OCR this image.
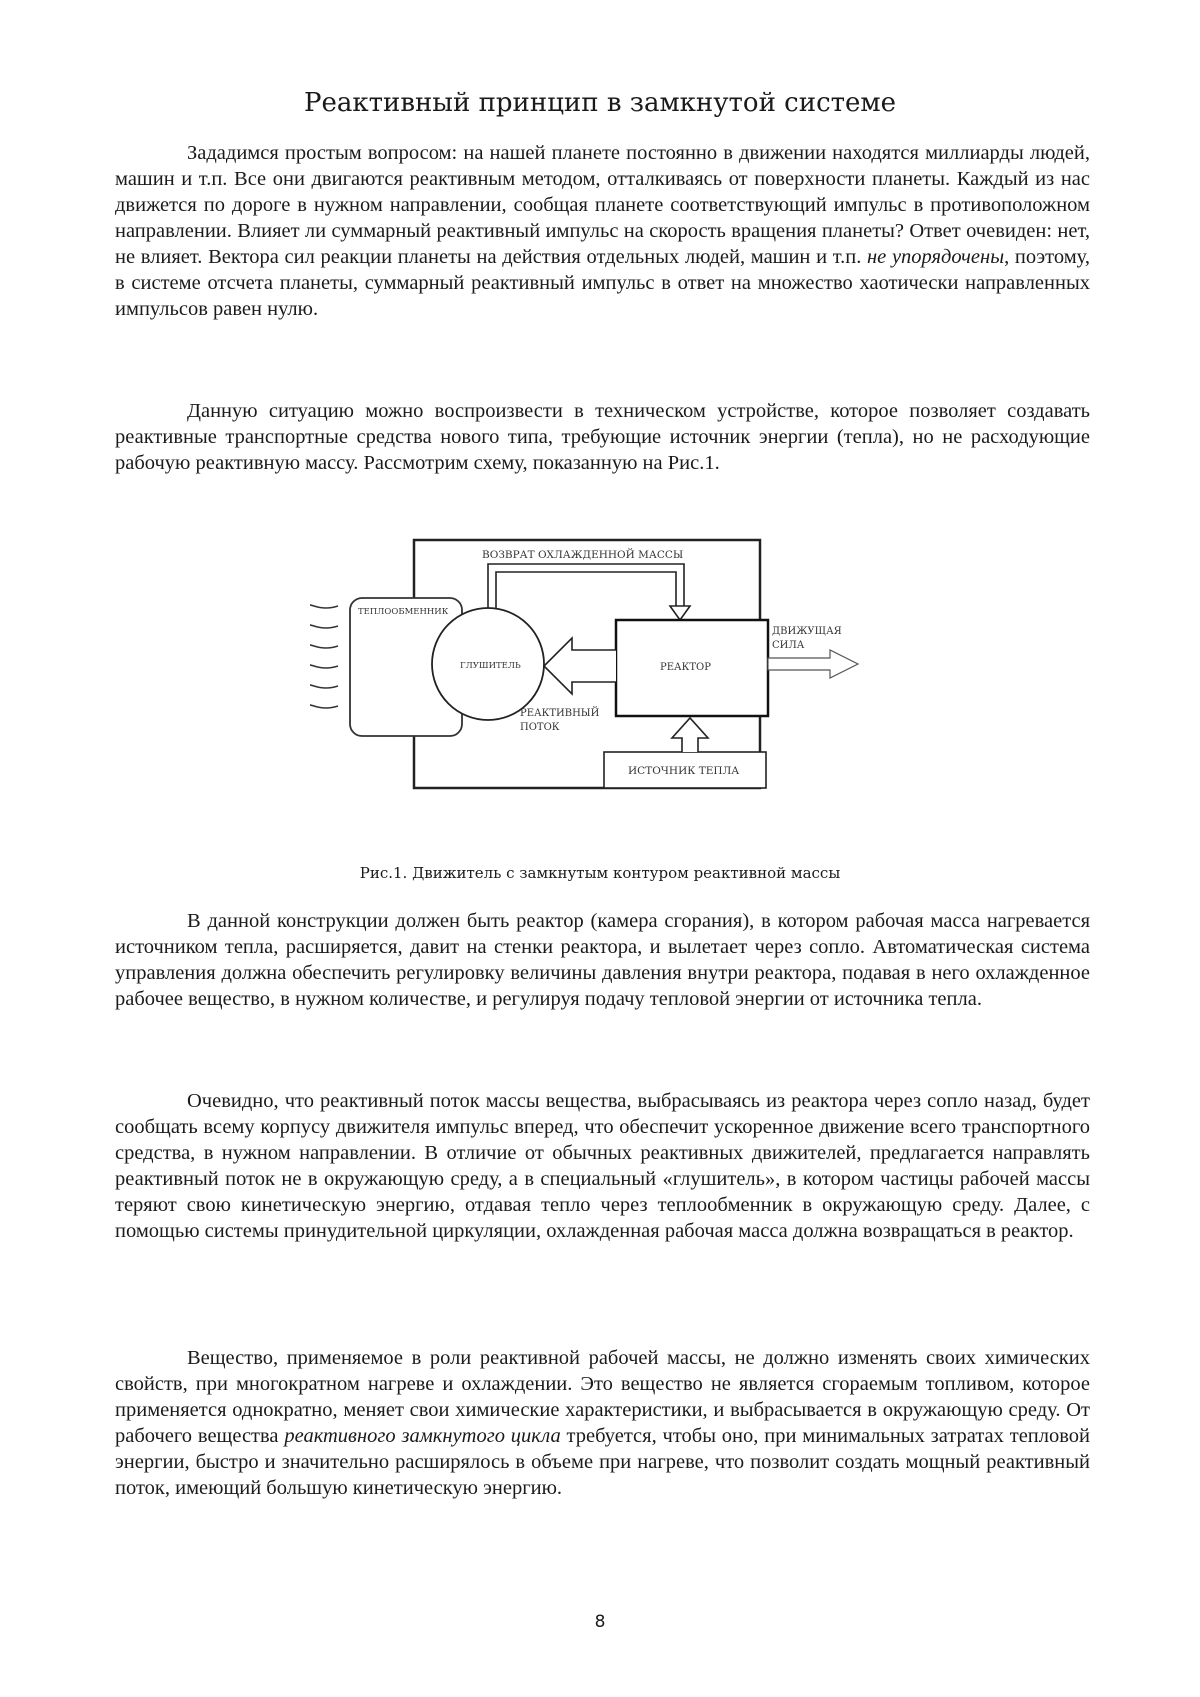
Реактивный принцип в замкнутой системе

Зададимся простым вопросом: на нашей планете постоянно в движении находятся миллиарды людей, машин и т.п. Все они двигаются реактивным методом, отталкиваясь от поверхности планеты. Каждый из нас движется по дороге в нужном направлении, сообщая планете соответствующий импульс в противоположном направлении. Влияет ли суммарный реактивный импульс на скорость вращения планеты? Ответ очевиден: нет, не влияет. Вектора сил реакции планеты на действия отдельных людей, машин и т.п. не упорядочены, поэтому, в системе отсчета планеты, суммарный реактивный импульс в ответ на множество хаотически направленных импульсов равен нулю.

Данную ситуацию можно воспроизвести в техническом устройстве, которое позволяет создавать реактивные транспортные средства нового типа, требующие источник энергии (тепла), но не расходующие рабочую реактивную массу. Рассмотрим схему, показанную на Рис.1.

ТЕПЛООБМЕННИК
ГЛУШИТЕЛЬ
ВОЗВРАТ ОХЛАЖДЕННОЙ МАССЫ
РЕАКТОР
РЕАКТИВНЫЙ
ПОТОК
ДВИЖУЩАЯ
СИЛА
ИСТОЧНИК ТЕПЛА

Рис.1. Движитель с замкнутым контуром реактивной массы

В данной конструкции должен быть реактор (камера сгорания), в котором рабочая масса нагревается источником тепла, расширяется, давит на стенки реактора, и вылетает через сопло. Автоматическая система управления должна обеспечить регулировку величины давления внутри реактора, подавая в него охлажденное рабочее вещество, в нужном количестве, и регулируя подачу тепловой энергии от источника тепла.

Очевидно, что реактивный поток массы вещества, выбрасываясь из реактора через сопло назад, будет сообщать всему корпусу движителя импульс вперед, что обеспечит ускоренное движение всего транспортного средства, в нужном направлении. В отличие от обычных реактивных движителей, предлагается направлять реактивный поток не в окружающую среду, а в специальный «глушитель», в котором частицы рабочей массы теряют свою кинетическую энергию, отдавая тепло через теплообменник в окружающую среду. Далее, с помощью системы принудительной циркуляции, охлажденная рабочая масса должна возвращаться в реактор.

Вещество, применяемое в роли реактивной рабочей массы, не должно изменять своих химических свойств, при многократном нагреве и охлаждении. Это вещество не является сгораемым топливом, которое применяется однократно, меняет свои химические характеристики, и выбрасывается в окружающую среду. От рабочего вещества реактивного замкнутого цикла требуется, чтобы оно, при минимальных затратах тепловой энергии, быстро и значительно расширялось в объеме при нагреве, что позволит создать мощный реактивный поток, имеющий большую кинетическую энергию.

8
